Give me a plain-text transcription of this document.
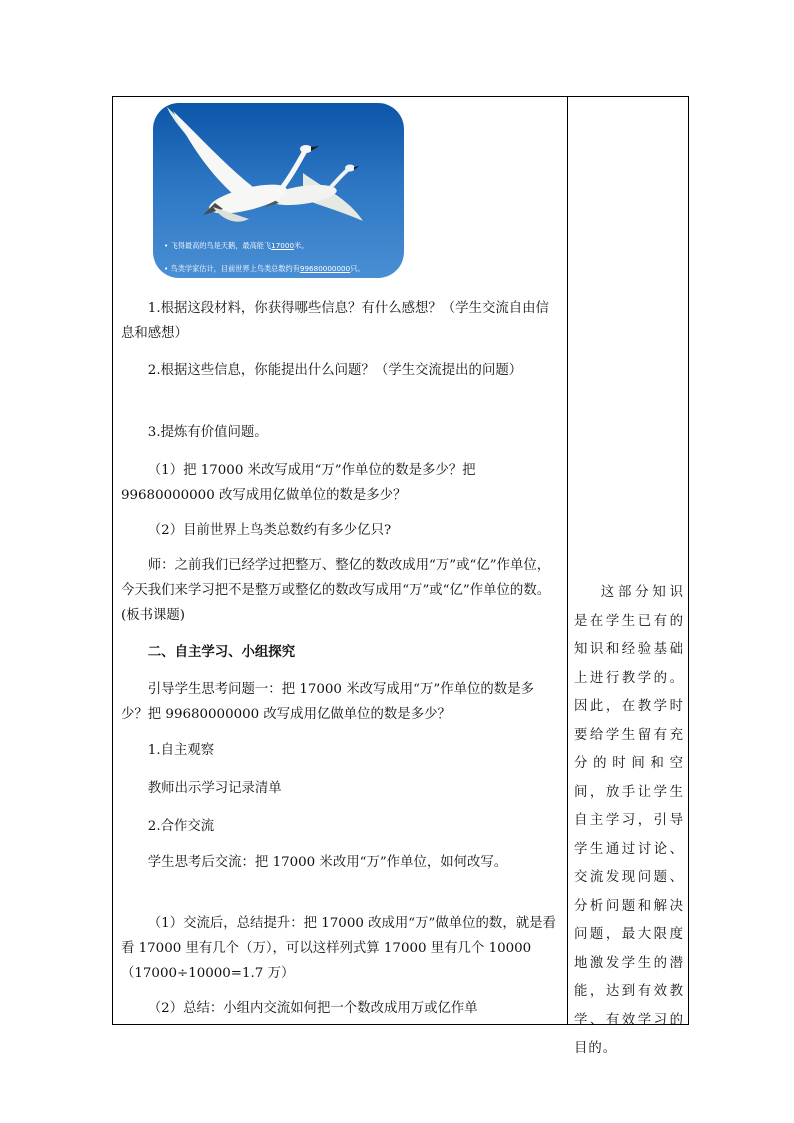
• 飞得最高的鸟是天鹅，最高能飞17000米。
• 鸟类学家估计，目前世界上鸟类总数约有99680000000只。

1.根据这段材料，你获得哪些信息？有什么感想？（学生交流自由信息和感想）

2.根据这些信息，你能提出什么问题？（学生交流提出的问题）

3.提炼有价值问题。

（1）把 17000 米改写成用“万”作单位的数是多少？把 99680000000 改写成用亿做单位的数是多少？

（2）目前世界上鸟类总数约有多少亿只?

师：之前我们已经学过把整万、整亿的数改成用“万”或“亿”作单位，今天我们来学习把不是整万或整亿的数改写成用“万”或“亿”作单位的数。(板书课题)

二、自主学习、小组探究

引导学生思考问题一：把 17000 米改写成用“万”作单位的数是多少？把 99680000000 改写成用亿做单位的数是多少？

1.自主观察

教师出示学习记录清单

2.合作交流

学生思考后交流：把 17000 米改用“万”作单位，如何改写。

（1）交流后，总结提升：把 17000 改成用“万”做单位的数，就是看看 17000 里有几个（万），可以这样列式算 17000 里有几个 10000（17000÷10000=1.7 万）

（2）总结：小组内交流如何把一个数改成用万或亿作单

这部分知识是在学生已有的知识和经验基础上进行教学的。因此，在教学时要给学生留有充分的时间和空间，放手让学生自主学习，引导学生通过讨论、交流发现问题、分析问题和解决问题，最大限度地激发学生的潜能，达到有效教学、有效学习的目的。
